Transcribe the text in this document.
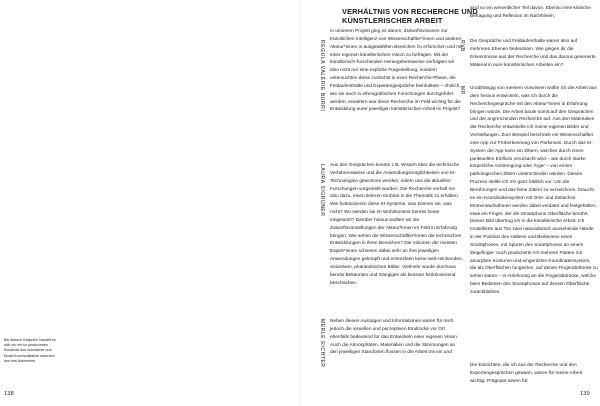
Bei diesem Gespräch handelt es sich um ein so produziertes Konstrukt aus mündlicher und Email-Kommunikation zwischen den drei Autorinnen.
138	139
VERHÄLTNIS VON RECHERCHE UND KÜNSTLERISCHER ARBEIT
REGULA VALÉRIE BURRI
LAURA SIGRÜNER
MERLE RICHTER
RVB
MR

In unserem Projekt ging es darum, Zukunftsvisionen zur Künstlichen Intelligenz von Wissenschaftler*innen und anderer Akteur*innen in ausgewählten Bereichen zu erforschen und mit einer eigenen künstlerischen Vision zu befragen. Mit der künstlerisch-forschenden Herangehensweise verfolgten wir also nicht nur eine explizite Fragestellung, sondern untersuchten diese zunächst in einer Recherche-Phase, die Feldaufenthalte und Expertengespräche beinhaltete – öhnlich, wie sie auch in ethnografischen Forschungen durchgeführt werden. Inwiefern war diese Recherche im Feld wichtig für die Entwicklung eurer jeweiligen künstlerischen Arbeit im Projekt?

Aus den Gesprächen konnte z.B. Wissen über die technische Verfahrensweise und die Anwendungsmöglichkeiten von KI-Technologien gewonnen werden, indem uns die aktuellen Forschungen vorgestellt wurden. Die Recherche verhalf mir also dazu, einen tieferen Einblick in die Thematik zu erhalten. Wie funktionieren diese KI-Systeme, was können sie, was nicht? Wo werden sie im Wohnkontext bereits heute eingesetzt? Darüber hinaus wollten wir die Zukunftsvorstellungen der Akteur*innen im Feld in Erfahrung bringen. Wie sehen die Wissenschaftler*innen die technischen Entwicklungen in ihren Bereichen? Die Visionen der meisten Expert*innen schienen dabei sehr an ihre jeweiligen Anwendungen geknüpft und erstreckten keine weit-reichenden, visionären, phantastischen Bilder. Vielmehr wurde durchaus bereits Bekanntes und Gängiges als bessser funktionierend beschrieben.

Neben diesen Aussagen und Informationen waren für mich jedoch die visuellen und perzeptiven Eindrücke vor Ort ebenfalls bedeutend für das Entwickeln einer eigenen Vision. Auch die Atmosphären, Materialien und die Stimmungen an den jeweiligen Standorten flossen in die Arbeit mit ein und

sind so ein wesentlicher Teil davon. Ebenso eine kritische Befragung und Reflexion im Nachhinein.

Die Gespräche und Feldaufenthalte waren also auf mehreren Ebenen bedeutsam. Wie gingen dir die Erkenntnisse aus der Recherche und das darous generierte Material in eure künstlerischen Arbeiten ein?

Unabhängig von meinem Vorwissen wollte ich die Arbeit aus dem heraus entwickeln, was ich durch die Recherchegespräche mit den Akteur*innen in Erfahrung bringen würde. Die Arbeit baute somit auf den Gesprächen und der angrenzenden Recherche auf. Aus den Materialien der Recherche entwickelte ich meine eigenen Bilder und Vorstellungen. Zum Beispiel beschrieb ein Wissenschaftler eine App zur Früherkennung von Parkinson. Durch das KI-System der App kann ein Zittern, welches durch einen punktuellen Einfluss verursacht wird – wie durch starke körperliche Anstrengung oder Ärger – von einem pathologischen Zittern unterschieden werden. Diesen Prozess stellte ich mir ganz bildlich vor: Um die Berührungen und das feine Zittern zu verzeichnen, braucht es ein Koordinatensystem mit Orts- und Zeitachse. Momentaufnahmen werden dabei verdatet und festgehalten, etwa ein Finger, der die Smartphone Oberfläche berührt. Dieses Bild übertrug ich in die künstlerische Arbeit: Ich modellierte aus Ton zwei naturalistisch aussehende Hände in der Position des Haltens und Bedienens eines Smartphones, mit Spuren des Smartphones an einem Zeigefinger. Auch produzierte ich mehrere Platten mit amorphen Konturen und eingeritzten Koordinatensystem, die als Oberflächen fungierten, auf denen Fingerabdrücke zu sehen waren – in Anlehnung an die Fingerabdrücke, welche beim Bedienen des Smartphones auf dessen Oberfläche zurückbleiben.

Die Einsichten, die ich aus der Recherche und den Expertengesprächen gewann, waren für meine Arbeit wichtig. Prägnant waren für
